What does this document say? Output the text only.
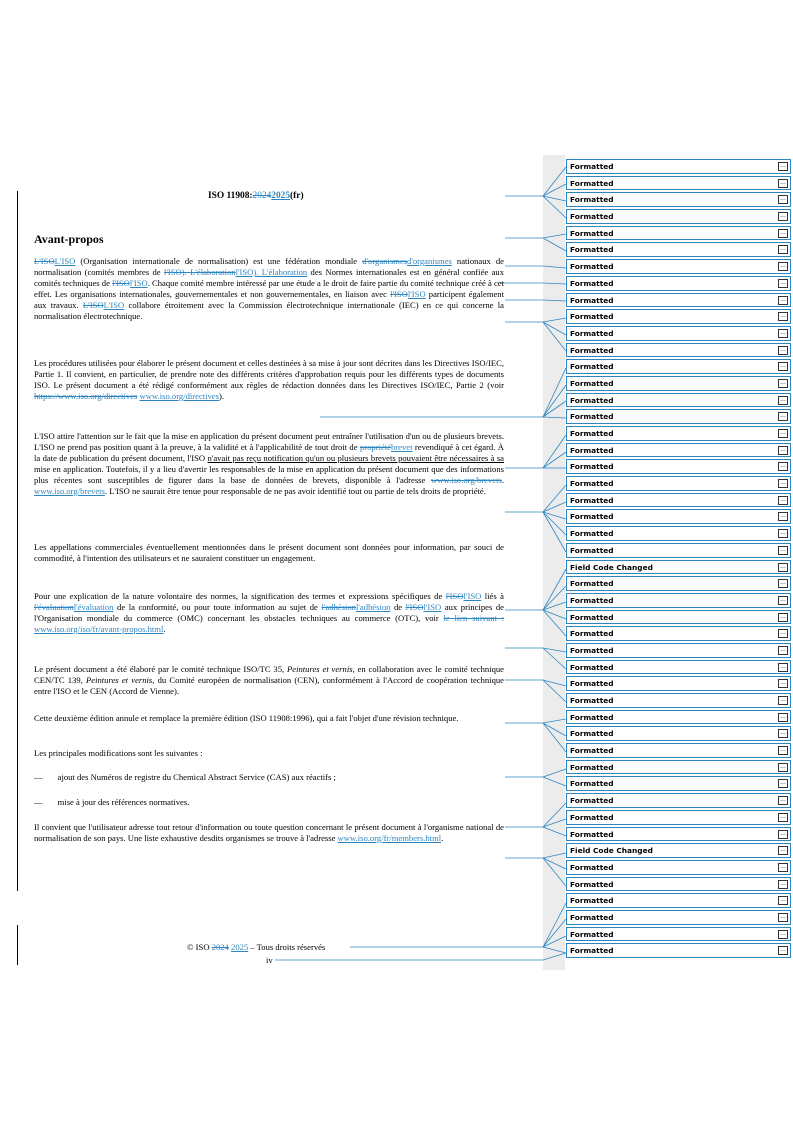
ISO 11908:20242025(fr)
Avant-propos

L'ISOL'ISO (Organisation internationale de normalisation) est une fédération mondiale d'organismesd'organismes nationaux de normalisation (comités membres de l'ISO). L'élaborationl'ISO). L'élaboration des Normes internationales est en général confiée aux comités techniques de l'ISOl'ISO. Chaque comité membre intéressé par une étude a le droit de faire partie du comité technique créé à cet effet. Les organisations internationales, gouvernementales et non gouvernementales, en liaison avec l'ISOl'ISO participent également aux travaux. L'ISOL'ISO collabore étroitement avec la Commission électrotechnique internationale (IEC) en ce qui concerne la normalisation électrotechnique.

Les procédures utilisées pour élaborer le présent document et celles destinées à sa mise à jour sont décrites dans les Directives ISO/IEC, Partie 1. Il convient, en particulier, de prendre note des différents critères d'approbation requis pour les différents types de documents ISO. Le présent document a été rédigé conformément aux règles de rédaction données dans les Directives ISO/IEC, Partie 2 (voir https://www.iso.org/directives www.iso.org/directives).

L'ISO attire l'attention sur le fait que la mise en application du présent document peut entraîner l'utilisation d'un ou de plusieurs brevets. L'ISO ne prend pas position quant à la preuve, à la validité et à l'applicabilité de tout droit de propriétébrevet revendiqué à cet égard. À la date de publication du présent document, l'ISO n'avait pas reçu notification qu'un ou plusieurs brevets pouvaient être nécessaires à sa mise en application. Toutefois, il y a lieu d'avertir les responsables de la mise en application du présent document que des informations plus récentes sont susceptibles de figurer dans la base de données de brevets, disponible à l'adresse www.iso.org/brevets. www.iso.org/brevets. L'ISO ne saurait être tenue pour responsable de ne pas avoir identifié tout ou partie de tels droits de propriété.

Les appellations commerciales éventuellement mentionnées dans le présent document sont données pour information, par souci de commodité, à l'intention des utilisateurs et ne sauraient constituer un engagement.

Pour une explication de la nature volontaire des normes, la signification des termes et expressions spécifiques de l'ISOl'ISO liés à l'évaluationl'évaluation de la conformité, ou pour toute information au sujet de l'adhésionl'adhésion de l'ISOl'ISO aux principes de l'Organisation mondiale du commerce (OMC) concernant les obstacles techniques au commerce (OTC), voir le lien suivant : www.iso.org/iso/fr/avant-propos.html.

Le présent document a été élaboré par le comité technique ISO/TC 35, Peintures et vernis, en collaboration avec le comité technique CEN/TC 139, Peintures et vernis, du Comité européen de normalisation (CEN), conformément à l'Accord de coopération technique entre l'ISO et le CEN (Accord de Vienne).

Cette deuxième édition annule et remplace la première édition (ISO 11908:1996), qui a fait l'objet d'une révision technique.

Les principales modifications sont les suivantes :

— ajout des Numéros de registre du Chemical Abstract Service (CAS) aux réactifs ;
— mise à jour des références normatives.

Il convient que l'utilisateur adresse tout retour d'information ou toute question concernant le présent document à l'organisme national de normalisation de son pays. Une liste exhaustive desdits organismes se trouve à l'adresse www.iso.org/fr/members.html.

© ISO 2024 2025 – Tous droits réservés
iv
Formatted	...
Formatted	...
Formatted	...
Formatted	...
Formatted	...
Formatted	...
Formatted	...
Formatted	...
Formatted	...
Formatted	...
Formatted	...
Formatted	...
Formatted	...
Formatted	...
Formatted	...
Formatted	...
Formatted	...
Formatted	...
Formatted	...
Formatted	...
Formatted	...
Formatted	...
Formatted	...
Formatted	...
Field Code Changed	...
Formatted	...
Formatted	...
Formatted	...
Formatted	...
Formatted	...
Formatted	...
Formatted	...
Formatted	...
Formatted	...
Formatted	...
Formatted	...
Formatted	...
Formatted	...
Formatted	...
Formatted	...
Formatted	...
Field Code Changed	...
Formatted	...
Formatted	...
Formatted	...
Formatted	...
Formatted	...
Formatted	...
